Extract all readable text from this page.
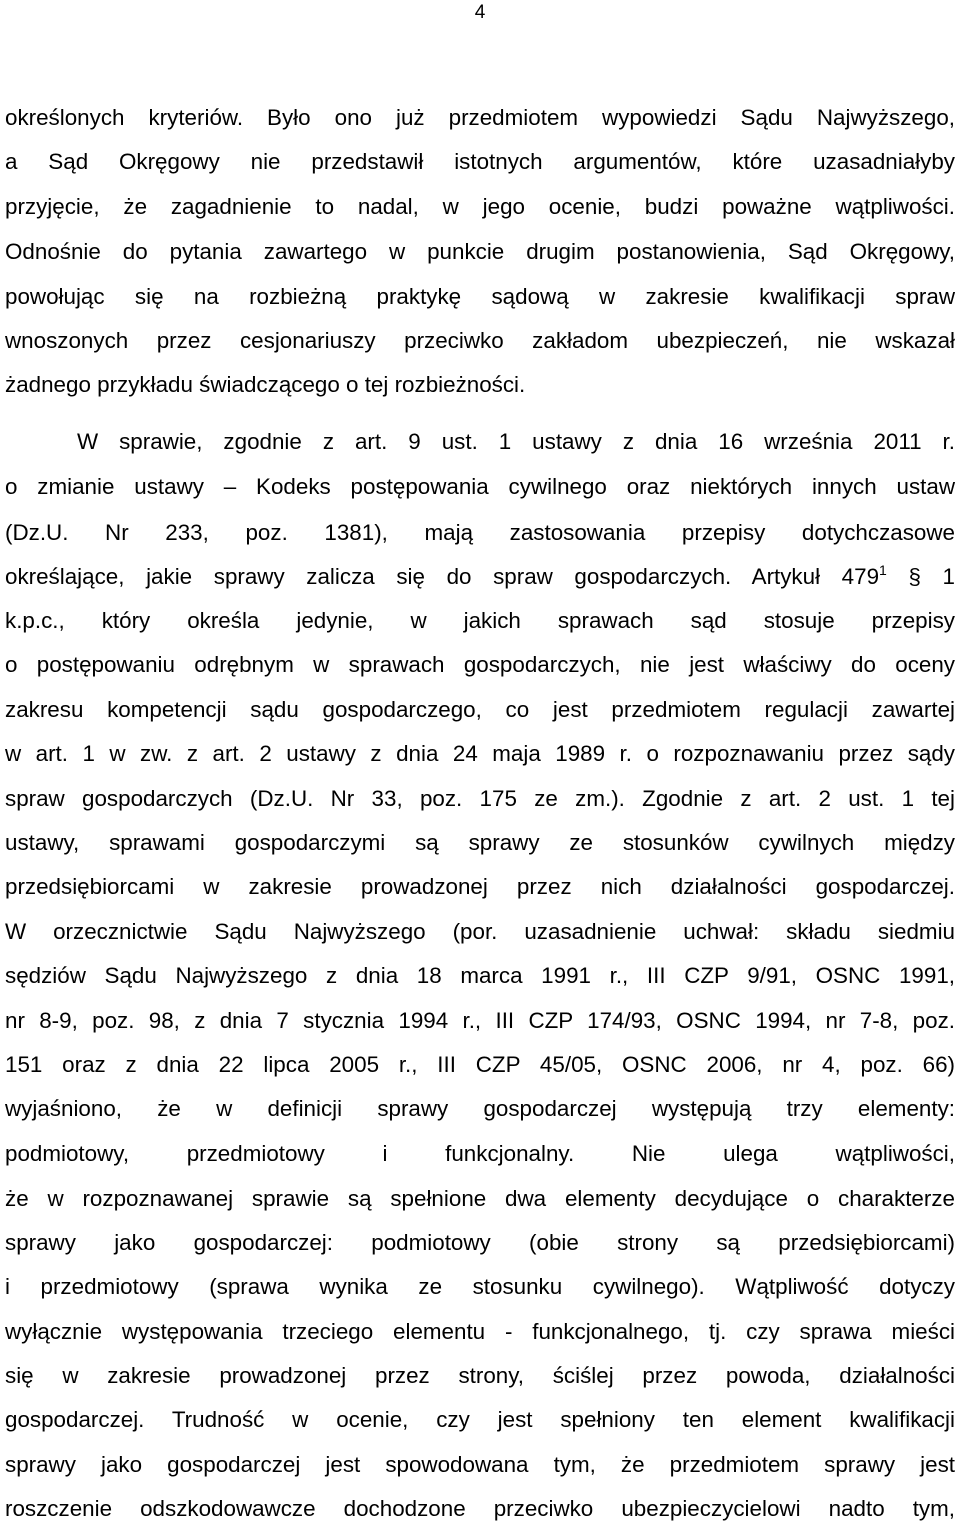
4
określonych kryteriów. Było ono już przedmiotem wypowiedzi Sądu Najwyższego,
a Sąd Okręgowy nie przedstawił istotnych argumentów, które uzasadniałyby
przyjęcie, że zagadnienie to nadal, w jego ocenie, budzi poważne wątpliwości.
Odnośnie do pytania zawartego w punkcie drugim postanowienia, Sąd Okręgowy,
powołując się na rozbieżną praktykę sądową w zakresie kwalifikacji spraw
wnoszonych przez cesjonariuszy przeciwko zakładom ubezpieczeń, nie wskazał
żadnego przykładu świadczącego o tej rozbieżności.
W sprawie, zgodnie z art. 9 ust. 1 ustawy z dnia 16 września 2011 r.
o zmianie ustawy – Kodeks postępowania cywilnego oraz niektórych innych ustaw
(Dz.U. Nr 233, poz. 1381), mają zastosowania przepisy dotychczasowe
określające, jakie sprawy zalicza się do spraw gospodarczych. Artykuł $479^1$ § 1
k.p.c., który określa jedynie, w jakich sprawach sąd stosuje przepisy
o postępowaniu odrębnym w sprawach gospodarczych, nie jest właściwy do oceny
zakresu kompetencji sądu gospodarczego, co jest przedmiotem regulacji zawartej
w art. 1 w zw. z art. 2 ustawy z dnia 24 maja 1989 r. o rozpoznawaniu przez sądy
spraw gospodarczych (Dz.U. Nr 33, poz. 175 ze zm.). Zgodnie z art. 2 ust. 1 tej
ustawy, sprawami gospodarczymi są sprawy ze stosunków cywilnych między
przedsiębiorcami w zakresie prowadzonej przez nich działalności gospodarczej.
W orzecznictwie Sądu Najwyższego (por. uzasadnienie uchwał: składu siedmiu
sędziów Sądu Najwyższego z dnia 18 marca 1991 r., III CZP 9/91, OSNC 1991,
nr 8-9, poz. 98, z dnia 7 stycznia 1994 r., III CZP 174/93, OSNC 1994, nr 7-8, poz.
151 oraz z dnia 22 lipca 2005 r., III CZP 45/05, OSNC 2006, nr 4, poz. 66)
wyjaśniono, że w definicji sprawy gospodarczej występują trzy elementy:
podmiotowy, przedmiotowy i funkcjonalny. Nie ulega wątpliwości,
że w rozpoznawanej sprawie są spełnione dwa elementy decydujące o charakterze
sprawy jako gospodarczej: podmiotowy (obie strony są przedsiębiorcami)
i przedmiotowy (sprawa wynika ze stosunku cywilnego). Wątpliwość dotyczy
wyłącznie występowania trzeciego elementu - funkcjonalnego, tj. czy sprawa mieści
się w zakresie prowadzonej przez strony, ściślej przez powoda, działalności
gospodarczej. Trudność w ocenie, czy jest spełniony ten element kwalifikacji
sprawy jako gospodarczej jest spowodowana tym, że przedmiotem sprawy jest
roszczenie odszkodowawcze dochodzone przeciwko ubezpieczycielowi nadto tym,
